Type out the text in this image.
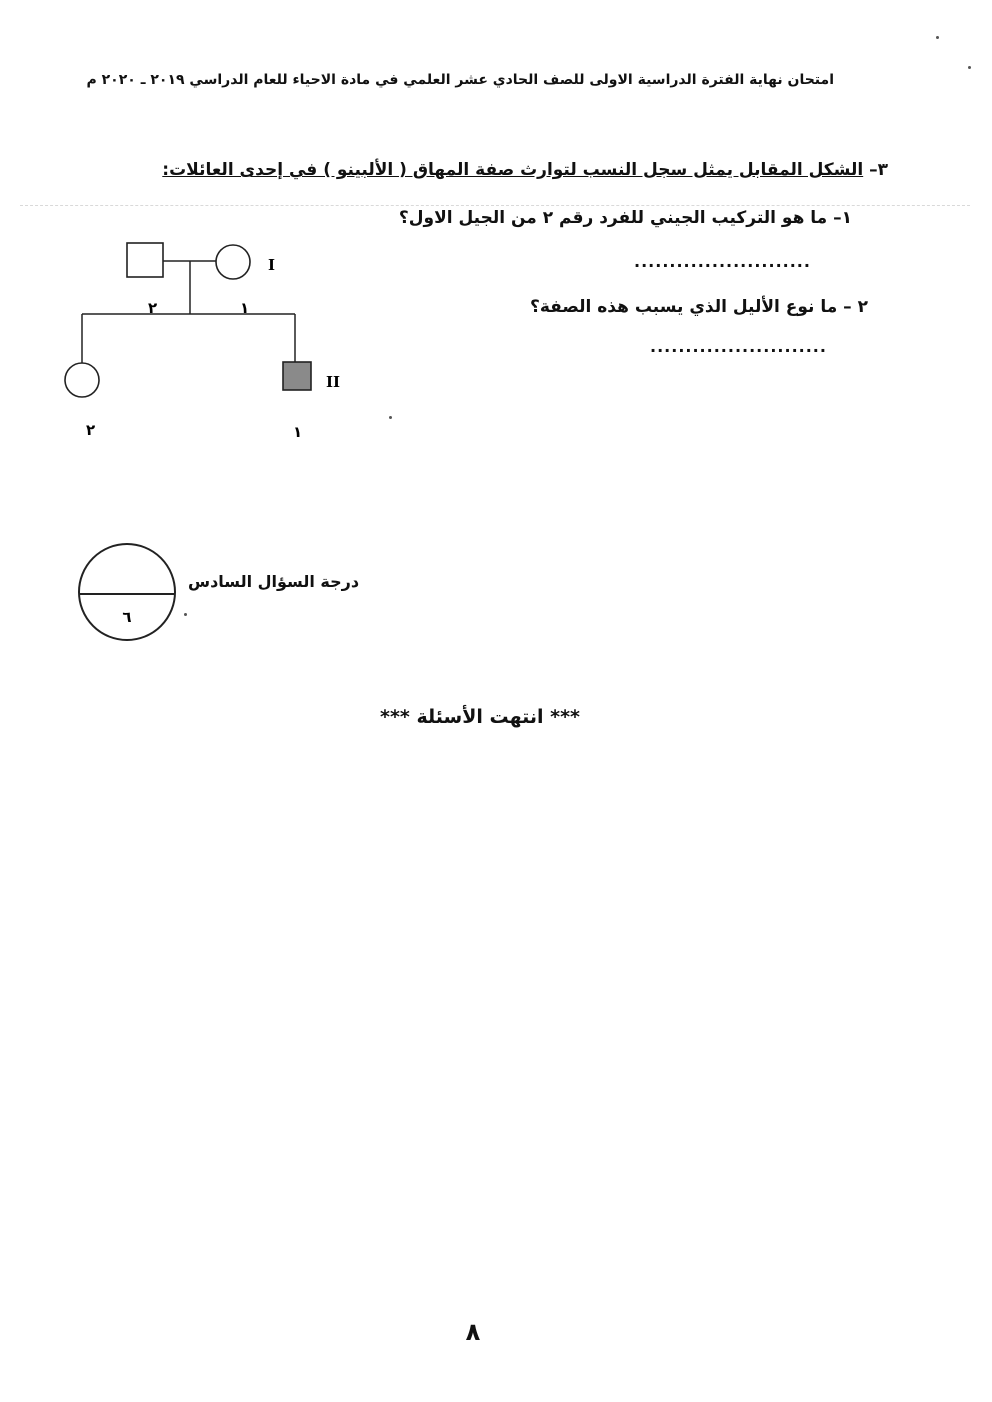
امتحان نهاية الفترة الدراسية الاولى للصف الحادي عشر العلمي في مادة الاحياء للعام الدراسي ٢٠١٩ ـ ٢٠٢٠ م
٣– الشكل المقابل يمثل سجل النسب لتوارث صفة المهاق ( الألبينو ) في إحدى العائلات:
١– ما هو التركيب الجيني للفرد رقم ٢ من الجيل الاول؟
.........................
٢ – ما نوع الأليل الذي يسبب هذه الصفة؟
.........................
٢	١
I
II
٢	١
٦
درجة السؤال السادس
*** انتهت الأسئلة ***
٨
